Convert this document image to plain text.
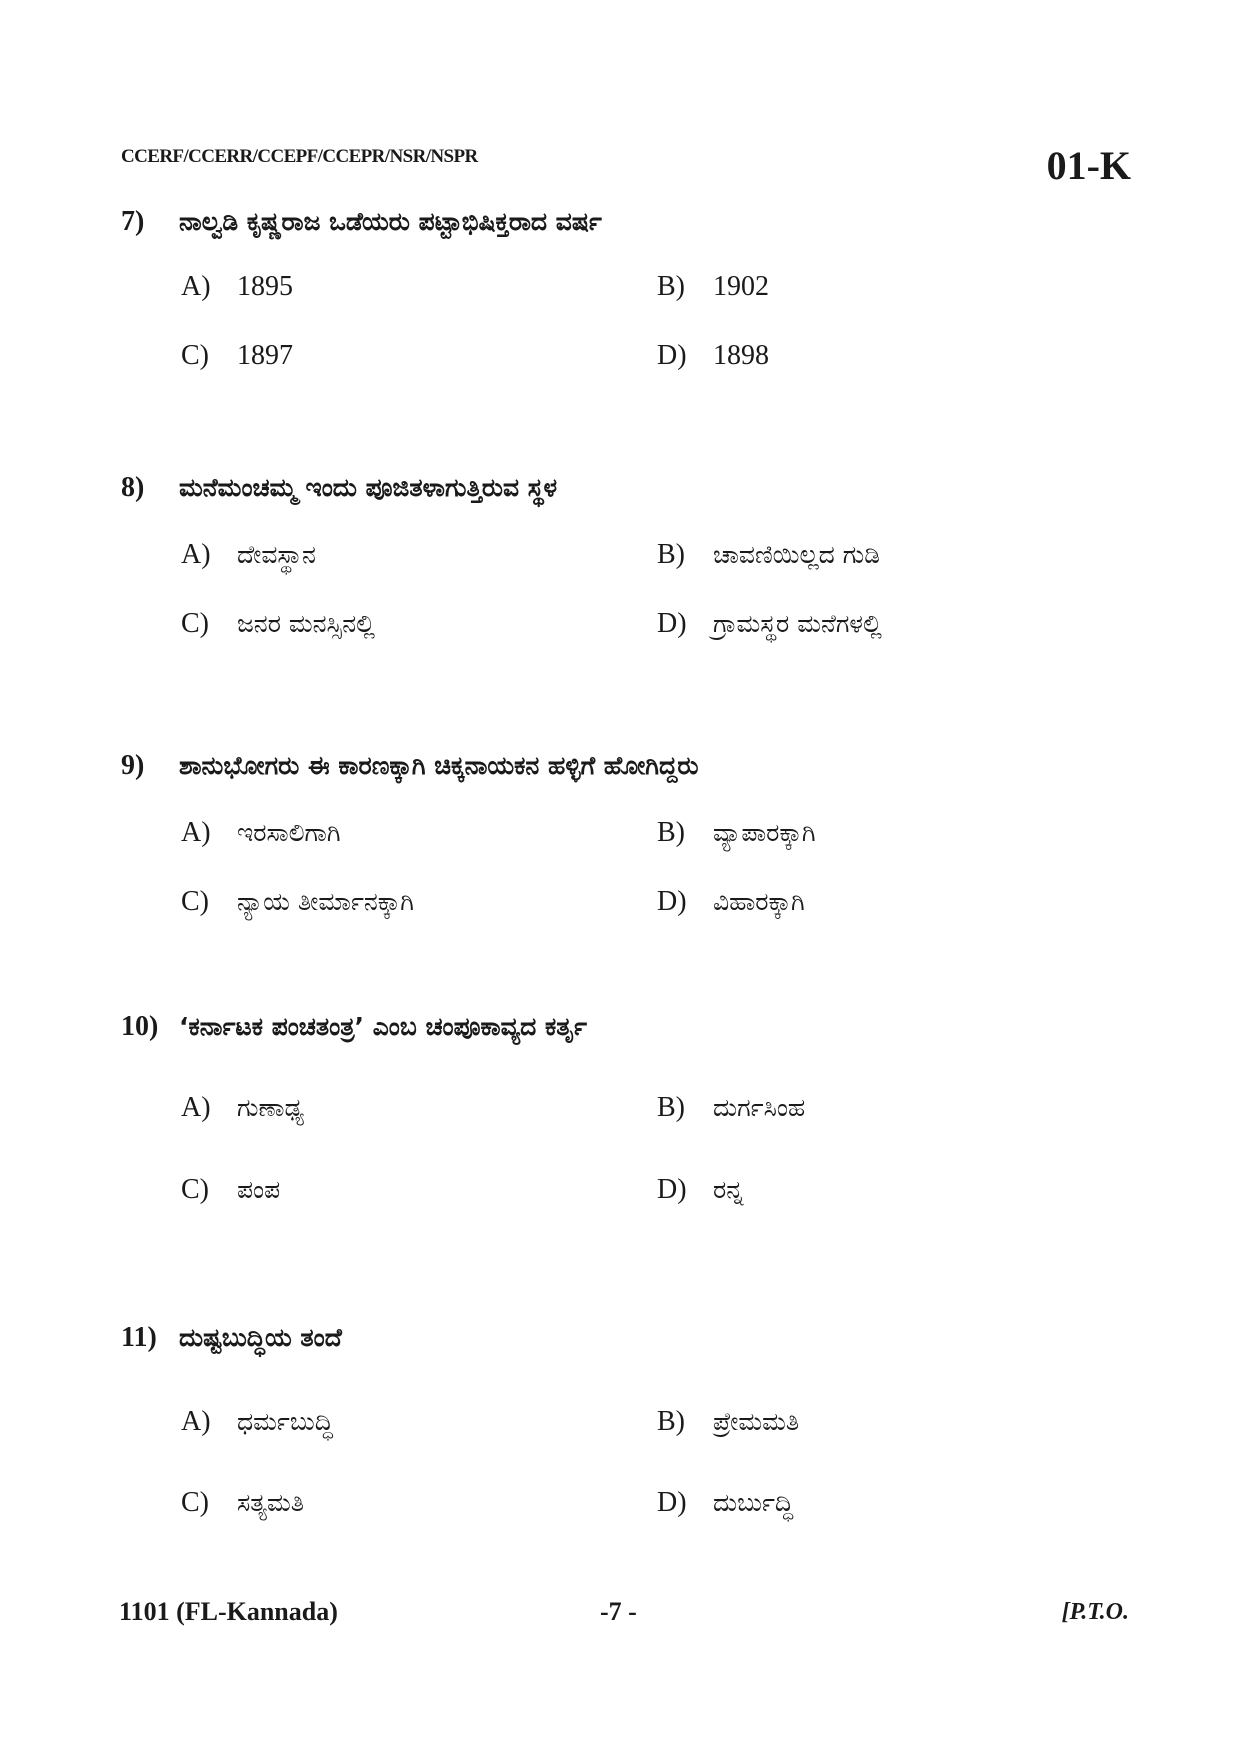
CCERF/CCERR/CCEPF/CCEPR/NSR/NSPR	01-K
7)	ನಾಲ್ವಡಿ ಕೃಷ್ಣರಾಜ ಒಡೆಯರು ಪಟ್ಟಾಭಿಷಿಕ್ತರಾದ ವರ್ಷ
A) 1895	B)	1902
C)	1897	D) 1898
8)	ಮನೆಮಂಚಮ್ಮ ಇಂದು ಪೂಜಿತಳಾಗುತ್ತಿರುವ ಸ್ಥಳ
A)	ದೇವಸ್ಥಾನ	B)	ಚಾವಣಿಯಿಲ್ಲದ ಗುಡಿ
C)	ಜನರ ಮನಸ್ಸಿನಲ್ಲಿ	D)	ಗ್ರಾಮಸ್ಥರ ಮನೆಗಳಲ್ಲಿ
9)	ಶಾನುಭೋಗರು ಈ ಕಾರಣಕ್ಕಾಗಿ ಚಿಕ್ಕನಾಯಕನ ಹಳ್ಳಿಗೆ ಹೋಗಿದ್ದರು
A)	ಇರಸಾಲಿಗಾಗಿ	B)	ವ್ಯಾಪಾರಕ್ಕಾಗಿ
C)	ನ್ಯಾಯ ತೀರ್ಮಾನಕ್ಕಾಗಿ	D)	ವಿಹಾರಕ್ಕಾಗಿ
10) ‘ಕರ್ನಾಟಕ ಪಂಚತಂತ್ರ’ ಎಂಬ ಚಂಪೂಕಾವ್ಯದ ಕರ್ತೃ
A)	ಗುಣಾಢ್ಯ	B)	ದುರ್ಗಸಿಂಹ
C)	ಪಂಪ	D)	ರನ್ನ
11) ದುಷ್ಟಬುದ್ಧಿಯ ತಂದೆ
A)	ಧರ್ಮಬುದ್ಧಿ	B)	ಪ್ರೇಮಮತಿ
C)	ಸತ್ಯಮತಿ	D)	ದುರ್ಬುದ್ಧಿ
1101 (FL-Kannada)	-7 -	[P.T.O.
